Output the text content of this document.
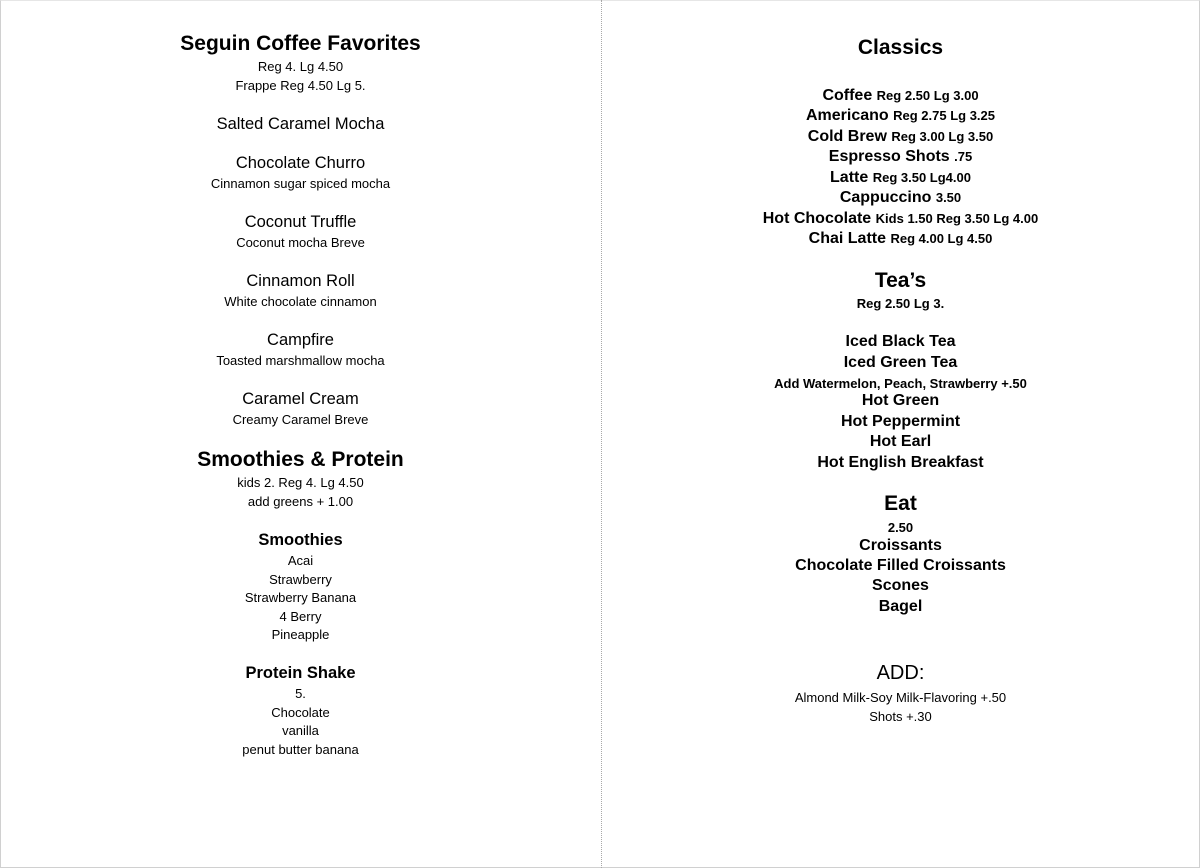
Seguin Coffee Favorites
Reg 4. Lg 4.50
Frappe Reg 4.50 Lg 5.
Salted Caramel Mocha
Chocolate Churro
Cinnamon sugar spiced mocha
Coconut Truffle
Coconut mocha Breve
Cinnamon Roll
White chocolate cinnamon
Campfire
Toasted marshmallow mocha
Caramel Cream
Creamy Caramel Breve
Smoothies & Protein
kids 2. Reg 4. Lg 4.50
add greens + 1.00
Smoothies
Acai
Strawberry
Strawberry Banana
4 Berry
Pineapple
Protein Shake
5.
Chocolate
vanilla
penut butter banana
Classics
Coffee Reg 2.50 Lg 3.00
Americano Reg 2.75 Lg 3.25
Cold Brew Reg 3.00 Lg 3.50
Espresso Shots .75
Latte Reg 3.50 Lg4.00
Cappuccino 3.50
Hot Chocolate Kids 1.50 Reg 3.50 Lg 4.00
Chai Latte Reg 4.00 Lg 4.50
Tea’s
Reg 2.50 Lg 3.
Iced Black Tea
Iced Green Tea
Add Watermelon, Peach, Strawberry +.50
Hot Green
Hot Peppermint
Hot Earl
Hot English Breakfast
Eat
2.50
Croissants
Chocolate Filled Croissants
Scones
Bagel
ADD:
Almond Milk-Soy Milk-Flavoring +.50
Shots +.30
